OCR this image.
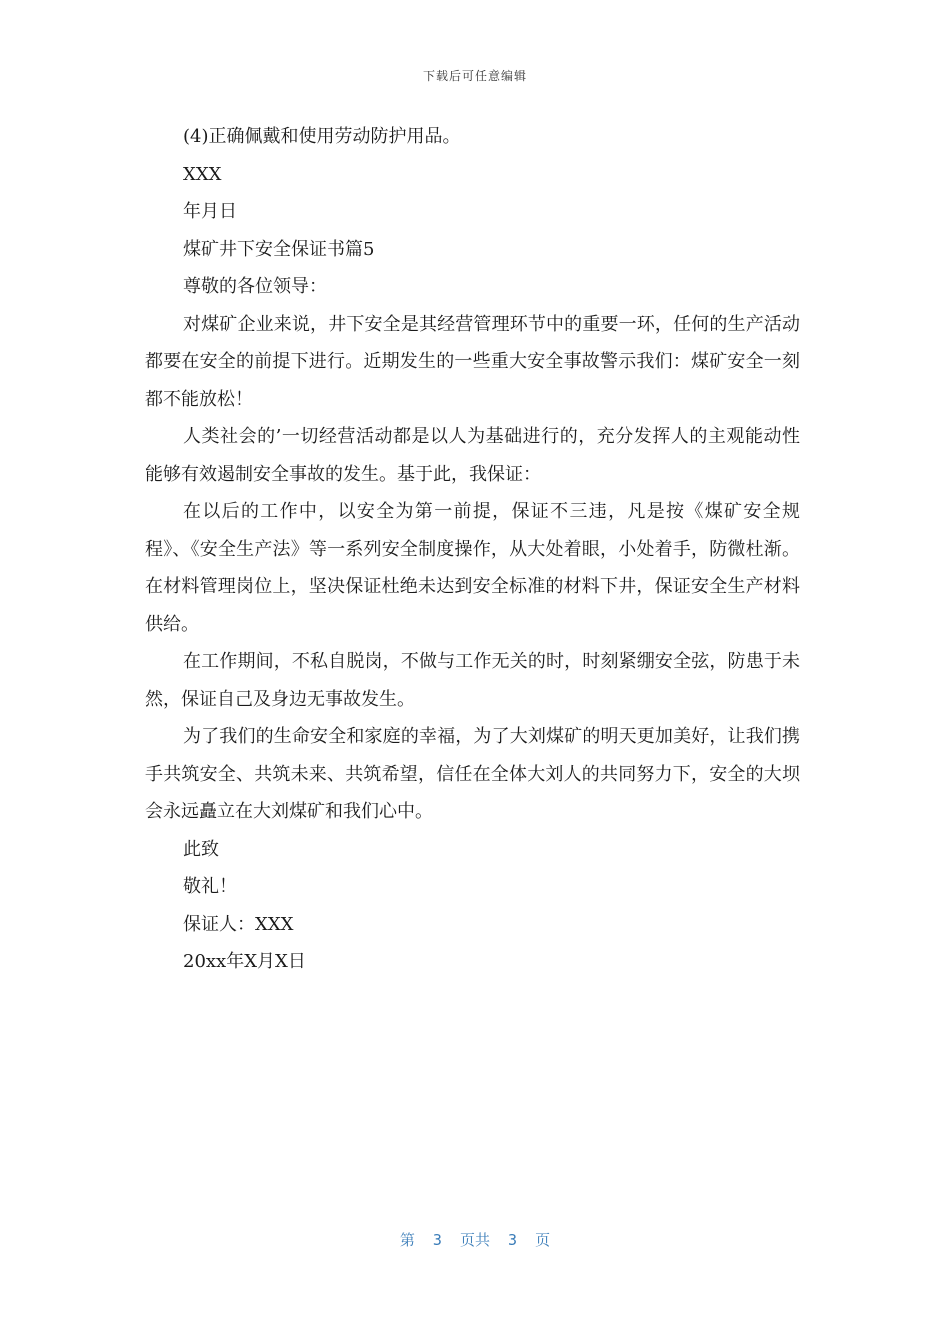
下载后可任意编辑

(4)正确佩戴和使用劳动防护用品。

XXX

年月日

煤矿井下安全保证书篇5

尊敬的各位领导：

对煤矿企业来说，井下安全是其经营管理环节中的重要一环，任何的生产活动都要在安全的前提下进行。近期发生的一些重大安全事故警示我们：煤矿安全一刻都不能放松！

人类社会的’一切经营活动都是以人为基础进行的，充分发挥人的主观能动性能够有效遏制安全事故的发生。基于此，我保证：

在以后的工作中，以安全为第一前提，保证不三违，凡是按《煤矿安全规程》、《安全生产法》等一系列安全制度操作，从大处着眼，小处着手，防微杜渐。在材料管理岗位上，坚决保证杜绝未达到安全标准的材料下井，保证安全生产材料供给。

在工作期间，不私自脱岗，不做与工作无关的时，时刻紧绷安全弦，防患于未然，保证自己及身边无事故发生。

为了我们的生命安全和家庭的幸福，为了大刘煤矿的明天更加美好，让我们携手共筑安全、共筑未来、共筑希望，信任在全体大刘人的共同努力下，安全的大坝会永远矗立在大刘煤矿和我们心中。

此致

敬礼！

保证人：XXX

20xx年X月X日

第  3  页共  3  页
